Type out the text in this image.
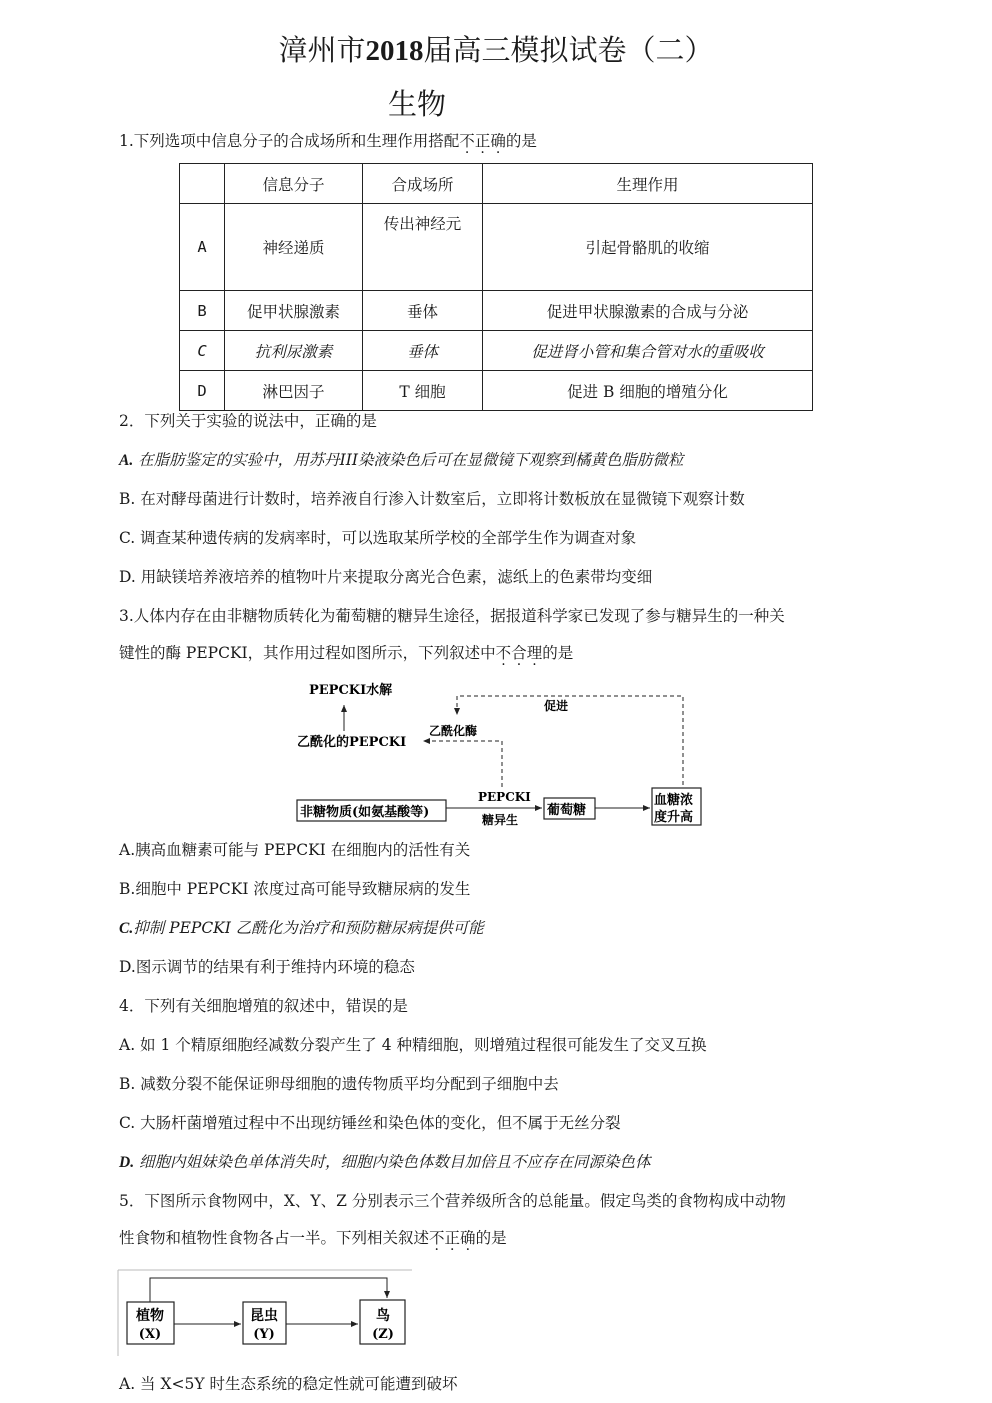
漳州市2018届高三模拟试卷（二）
生物
1.下列选项中信息分子的合成场所和生理作用搭配不正确的是
	信息分子	合成场所	生理作用
A	神经递质	传出神经元	引起骨骼肌的收缩
B	促甲状腺激素	垂体	促进甲状腺激素的合成与分泌
C	抗利尿激素	垂体	促进肾小管和集合管对水的重吸收
D	淋巴因子	T 细胞	促进 B 细胞的增殖分化
2．下列关于实验的说法中，正确的是
A. 在脂肪鉴定的实验中，用苏丹III染液染色后可在显微镜下观察到橘黄色脂肪微粒
B. 在对酵母菌进行计数时，培养液自行渗入计数室后，立即将计数板放在显微镜下观察计数
C. 调查某种遗传病的发病率时，可以选取某所学校的全部学生作为调查对象
D. 用缺镁培养液培养的植物叶片来提取分离光合色素，滤纸上的色素带均变细
3.人体内存在由非糖物质转化为葡萄糖的糖异生途径，据报道科学家已发现了参与糖异生的一种关
键性的酶 PEPCKI，其作用过程如图所示，下列叙述中不合理的是
PEPCKI水解
乙酰化的PEPCKI
乙酰化酶
促进
非糖物质(如氨基酸等)
PEPCKI
糖异生
葡萄糖
血糖浓
度升高
A.胰高血糖素可能与 PEPCKI 在细胞内的活性有关
B.细胞中 PEPCKI 浓度过高可能导致糖尿病的发生
C.抑制 PEPCKI 乙酰化为治疗和预防糖尿病提供可能
D.图示调节的结果有利于维持内环境的稳态
4．下列有关细胞增殖的叙述中，错误的是
A. 如 1 个精原细胞经减数分裂产生了 4 种精细胞，则增殖过程很可能发生了交叉互换
B. 减数分裂不能保证卵母细胞的遗传物质平均分配到子细胞中去
C. 大肠杆菌增殖过程中不出现纺锤丝和染色体的变化，但不属于无丝分裂
D. 细胞内姐妹染色单体消失时，细胞内染色体数目加倍且不应存在同源染色体
5．下图所示食物网中，X、Y、Z 分别表示三个营养级所含的总能量。假定鸟类的食物构成中动物
性食物和植物性食物各占一半。下列相关叙述不正确的是
植物
(X)
昆虫
(Y)
鸟
(Z)
A. 当 X<5Y 时生态系统的稳定性就可能遭到破坏
